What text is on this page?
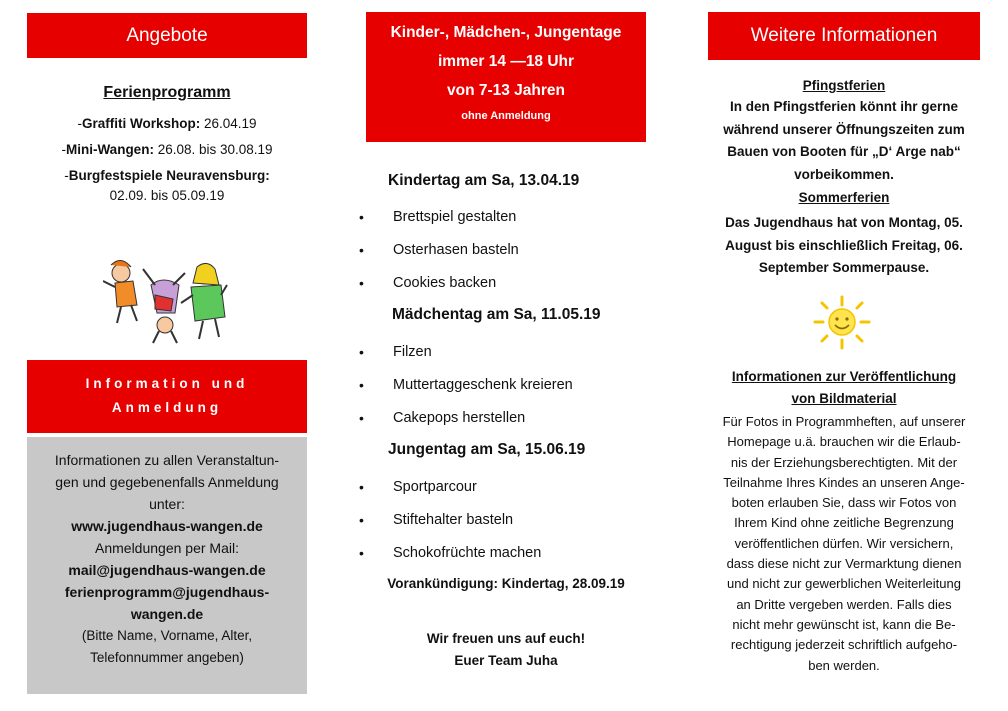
Angebote
Ferienprogramm
-Graffiti Workshop: 26.04.19
-Mini-Wangen: 26.08. bis 30.08.19
-Burgfestspiele Neuravensburg:
02.09. bis 05.09.19
Information und
Anmeldung
Informationen zu allen Veranstaltun-
gen und gegebenenfalls Anmeldung
unter:
www.jugendhaus-wangen.de
Anmeldungen per Mail:
mail@jugendhaus-wangen.de
ferienprogramm@jugendhaus-
wangen.de
(Bitte Name, Vorname, Alter,
Telefonnummer angeben)
Kinder-, Mädchen-, Jungentage
immer 14 —18 Uhr
von 7-13 Jahren
ohne Anmeldung
Kindertag am Sa, 13.04.19
• Brettspiel gestalten
• Osterhasen basteln
• Cookies backen
Mädchentag am Sa, 11.05.19
• Filzen
• Muttertaggeschenk kreieren
• Cakepops herstellen
Jungentag am Sa, 15.06.19
• Sportparcour
• Stiftehalter basteln
• Schokofrüchte machen
Vorankündigung: Kindertag, 28.09.19
Wir freuen uns auf euch!
Euer Team Juha
Weitere Informationen
Pfingstferien
In den Pfingstferien könnt ihr gerne
während unserer Öffnungszeiten zum
Bauen von Booten für „D‘ Arge nab“
vorbeikommen.
Sommerferien
Das Jugendhaus hat von Montag, 05.
August bis einschließlich Freitag, 06.
September Sommerpause.
Informationen zur Veröffentlichung
von Bildmaterial
Für Fotos in Programmheften, auf unserer
Homepage u.ä. brauchen wir die Erlaub-
nis der Erziehungsberechtigten. Mit der
Teilnahme Ihres Kindes an unseren Ange-
boten erlauben Sie, dass wir Fotos von
Ihrem Kind ohne zeitliche Begrenzung
veröffentlichen dürfen. Wir versichern,
dass diese nicht zur Vermarktung dienen
und nicht zur gewerblichen Weiterleitung
an Dritte vergeben werden. Falls dies
nicht mehr gewünscht ist, kann die Be-
rechtigung jederzeit schriftlich aufgeho-
ben werden.
